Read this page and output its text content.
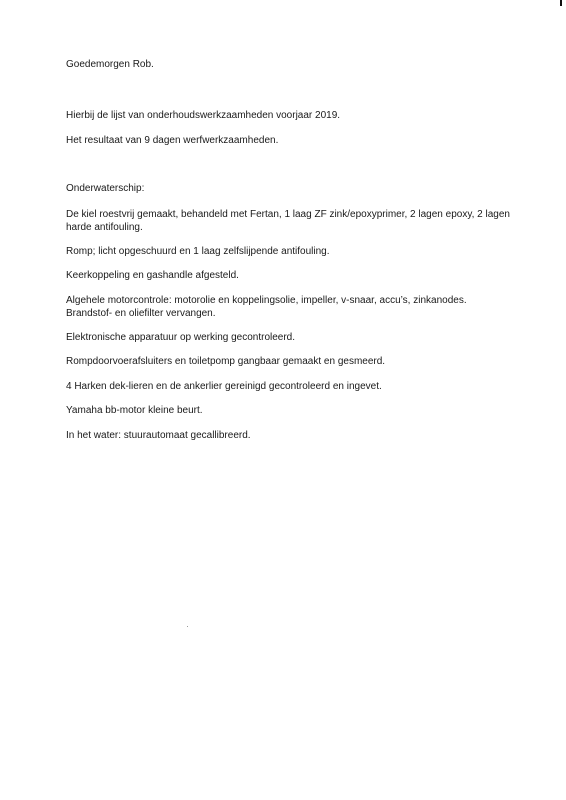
Goedemorgen Rob.
Hierbij de lijst van onderhoudswerkzaamheden voorjaar 2019.
Het resultaat van 9 dagen werfwerkzaamheden.
Onderwaterschip:
De kiel roestvrij gemaakt, behandeld met Fertan, 1 laag ZF zink/epoxyprimer, 2 lagen epoxy, 2 lagen
harde antifouling.
Romp; licht opgeschuurd en 1 laag zelfslijpende antifouling.
Keerkoppeling en gashandle afgesteld.
Algehele motorcontrole: motorolie en koppelingsolie, impeller, v-snaar, accu’s, zinkanodes.
Brandstof- en oliefilter vervangen.
Elektronische apparatuur op werking gecontroleerd.
Rompdoorvoerafsluiters en toiletpomp gangbaar gemaakt en gesmeerd.
4 Harken dek-lieren en de ankerlier gereinigd gecontroleerd en ingevet.
Yamaha bb-motor kleine beurt.
In het water: stuurautomaat gecallibreerd.
